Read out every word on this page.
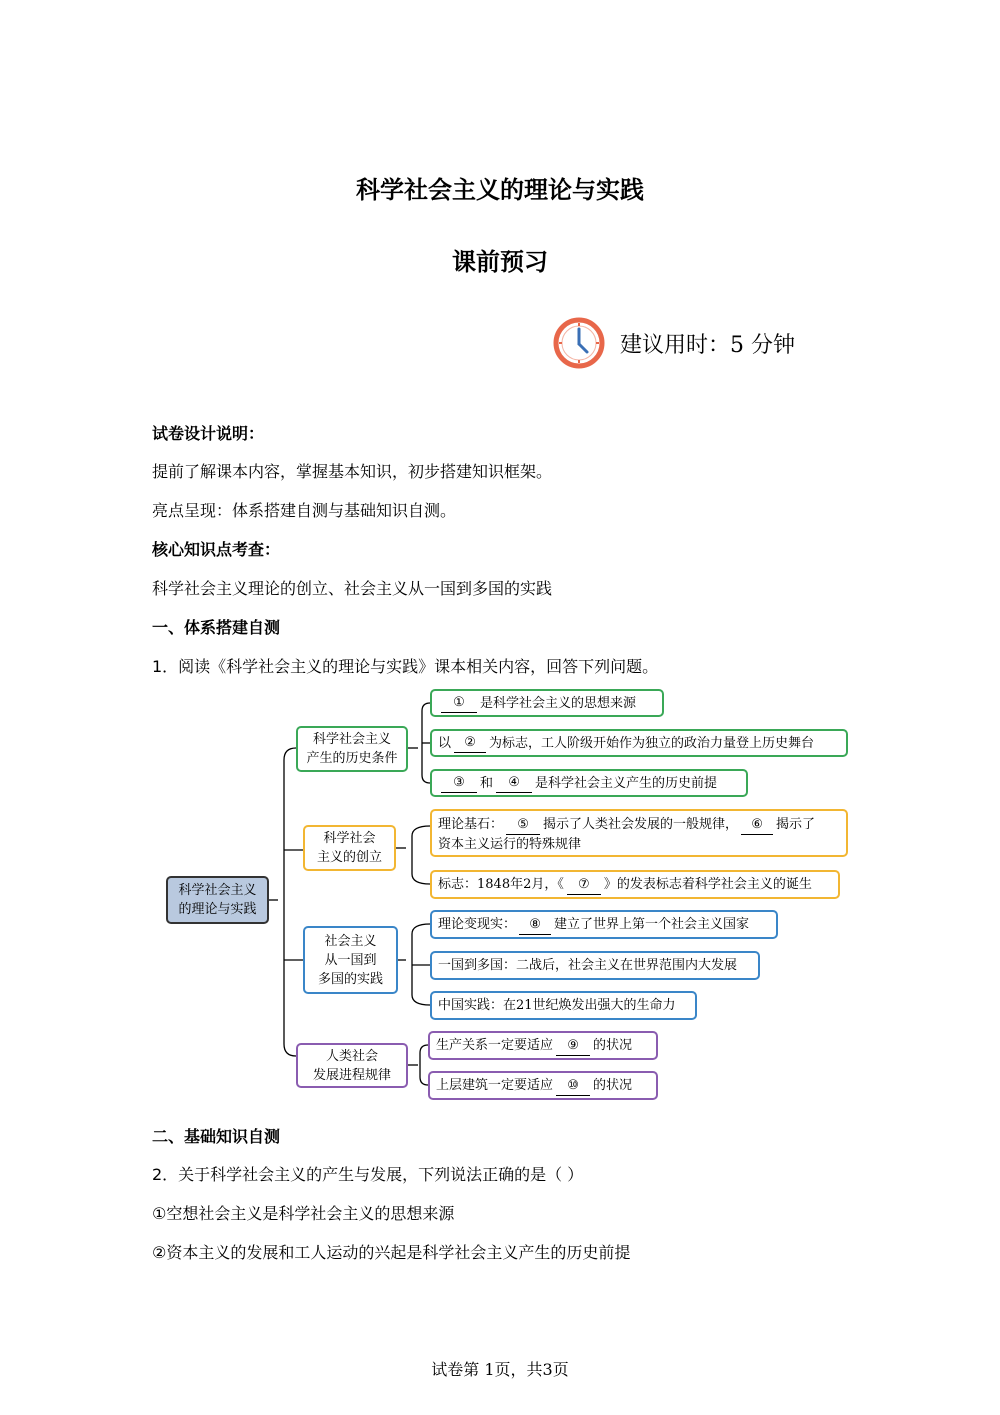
科学社会主义的理论与实践
课前预习
建议用时：5 分钟
试卷设计说明：
提前了解课本内容，掌握基本知识，初步搭建知识框架。
亮点呈现：体系搭建自测与基础知识自测。
核心知识点考查：
科学社会主义理论的创立、社会主义从一国到多国的实践
一、体系搭建自测
1．阅读《科学社会主义的理论与实践》课本相关内容，回答下列问题。
科学社会主义
的理论与实践
科学社会主义
产生的历史条件
①	是科学社会主义的思想来源
以	②	为标志，工人阶级开始作为独立的政治力量登上历史舞台
③	和	④	是科学社会主义产生的历史前提
科学社会
主义的创立
理论基石： ⑤ 揭示了人类社会发展的一般规律， ⑥ 揭示了
资本主义运行的特殊规律
标志：1848年2月，《	⑦	》的发表标志着科学社会主义的诞生
社会主义
从一国到
多国的实践
理论变现实：	⑧	建立了世界上第一个社会主义国家
一国到多国：二战后，社会主义在世界范围内大发展
中国实践：在21世纪焕发出强大的生命力
人类社会
发展进程规律
生产关系一定要适应	⑨	的状况
上层建筑一定要适应	⑩	的状况
二、基础知识自测
2．关于科学社会主义的产生与发展，下列说法正确的是（ ）
①空想社会主义是科学社会主义的思想来源
②资本主义的发展和工人运动的兴起是科学社会主义产生的历史前提
试卷第 1页，共3页
